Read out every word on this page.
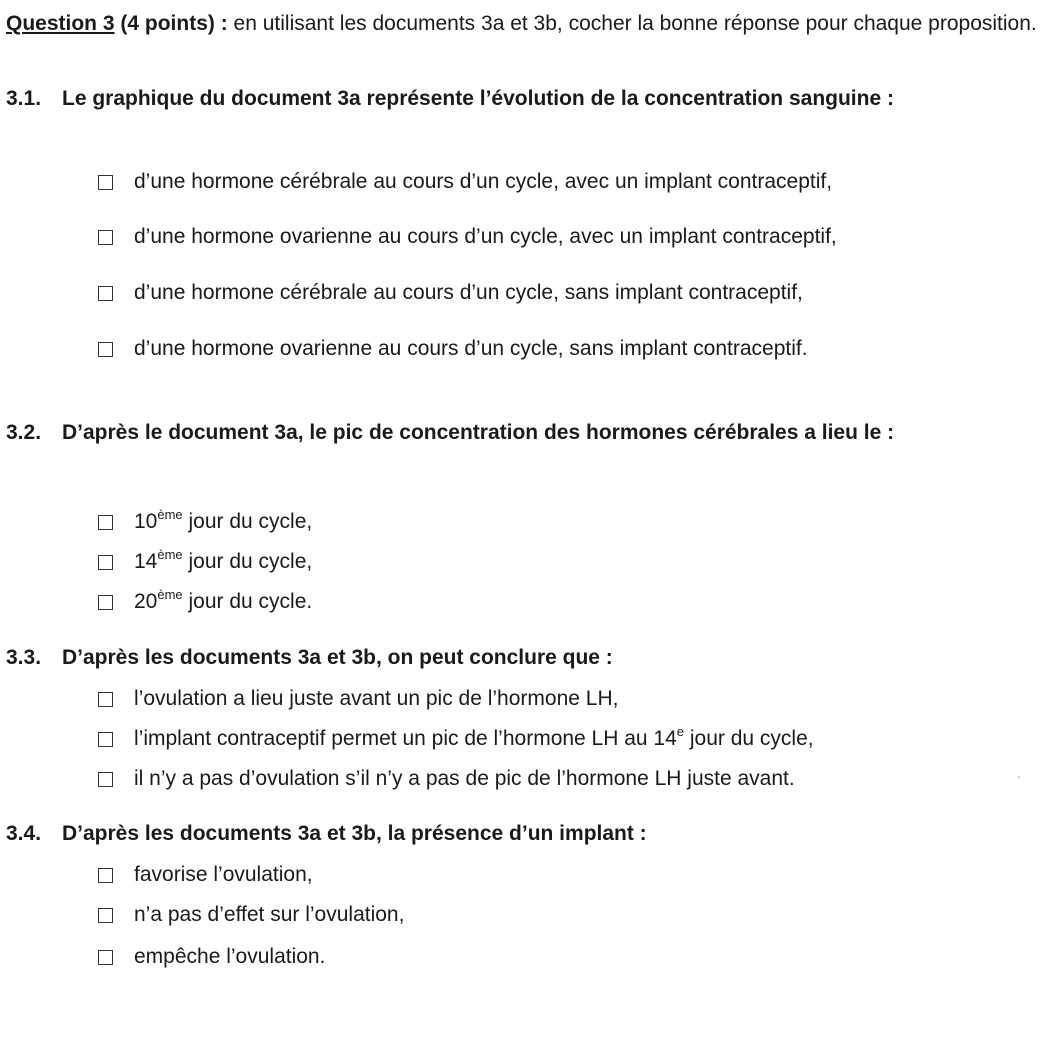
Question 3 (4 points) : en utilisant les documents 3a et 3b, cocher la bonne réponse pour chaque proposition.
3.1. Le graphique du document 3a représente l’évolution de la concentration sanguine :
d’une hormone cérébrale au cours d’un cycle, avec un implant contraceptif,
d’une hormone ovarienne au cours d’un cycle, avec un implant contraceptif,
d’une hormone cérébrale au cours d’un cycle, sans implant contraceptif,
d’une hormone ovarienne au cours d’un cycle, sans implant contraceptif.
3.2. D’après le document 3a, le pic de concentration des hormones cérébrales a lieu le :
10ème jour du cycle,
14ème jour du cycle,
20ème jour du cycle.
3.3. D’après les documents 3a et 3b, on peut conclure que :
l’ovulation a lieu juste avant un pic de l’hormone LH,
l’implant contraceptif permet un pic de l’hormone LH au 14e jour du cycle,
il n’y a pas d’ovulation s’il n’y a pas de pic de l’hormone LH juste avant.
3.4. D’après les documents 3a et 3b, la présence d’un implant :
favorise l’ovulation,
n’a pas d’effet sur l’ovulation,
empêche l’ovulation.
